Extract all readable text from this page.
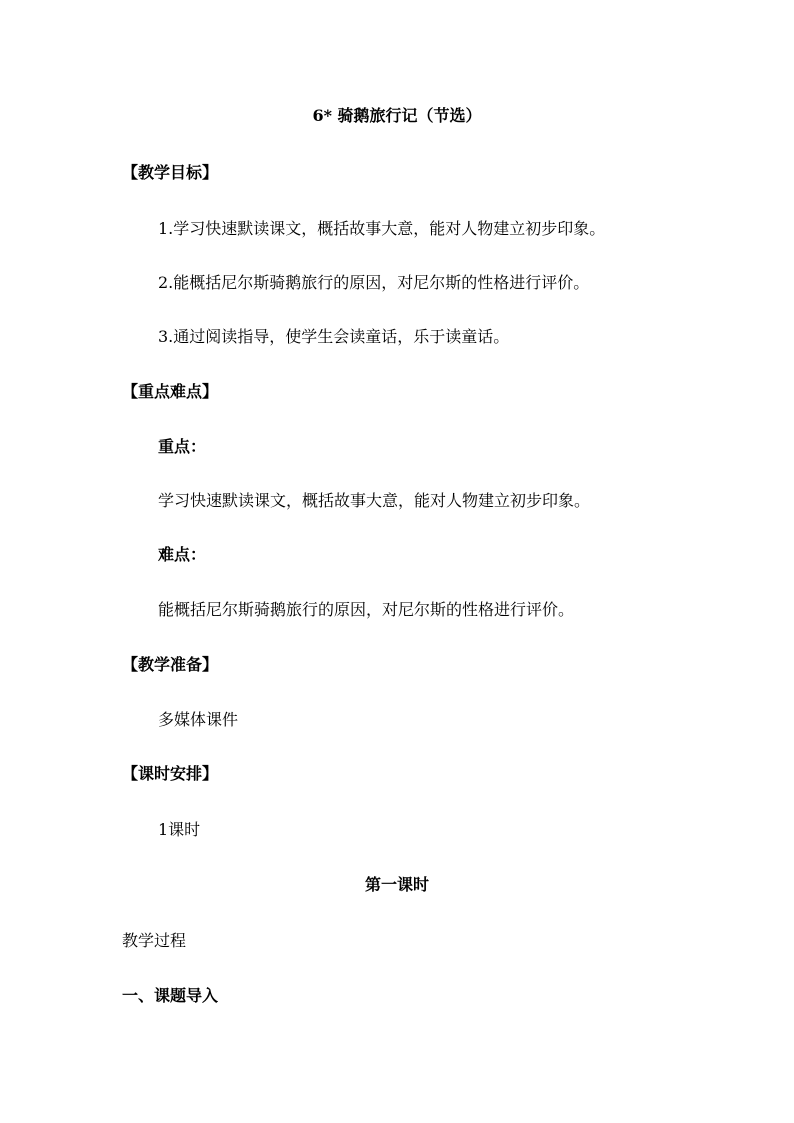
6* 骑鹅旅行记（节选）
【教学目标】
1.学习快速默读课文，概括故事大意，能对人物建立初步印象。
2.能概括尼尔斯骑鹅旅行的原因，对尼尔斯的性格进行评价。
3.通过阅读指导，使学生会读童话，乐于读童话。
【重点难点】
重点：
学习快速默读课文，概括故事大意，能对人物建立初步印象。
难点：
能概括尼尔斯骑鹅旅行的原因，对尼尔斯的性格进行评价。
【教学准备】
多媒体课件
【课时安排】
1课时
第一课时
教学过程
一、课题导入
